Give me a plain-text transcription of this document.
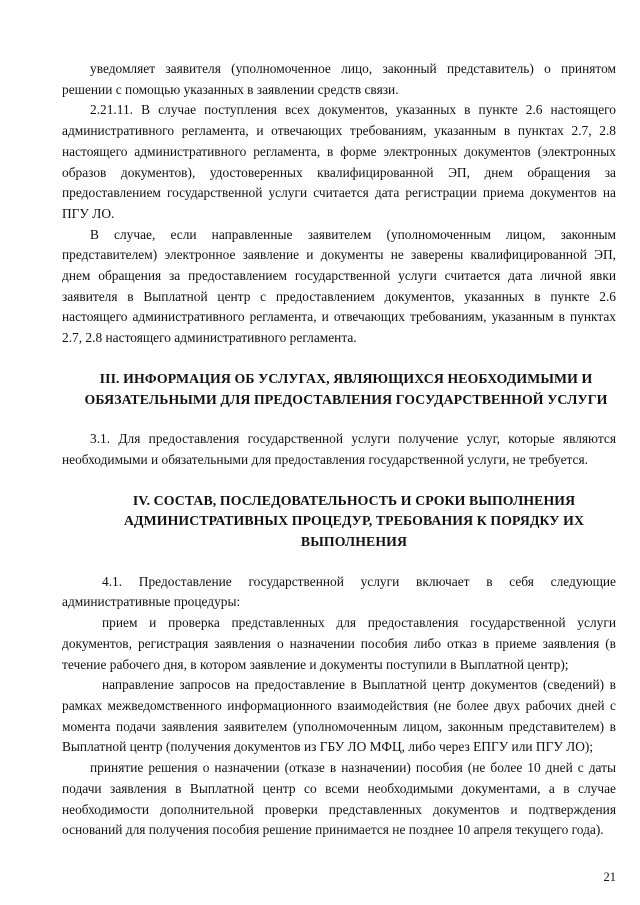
уведомляет заявителя (уполномоченное лицо, законный представитель) о принятом решении с помощью указанных в заявлении средств связи.

2.21.11. В случае поступления всех документов, указанных в пункте 2.6 настоящего административного регламента, и отвечающих требованиям, указанным в пунктах 2.7, 2.8 настоящего административного регламента, в форме электронных документов (электронных образов документов), удостоверенных квалифицированной ЭП, днем обращения за предоставлением государственной услуги считается дата регистрации приема документов на ПГУ ЛО.

В случае, если направленные заявителем (уполномоченным лицом, законным представителем) электронное заявление и документы не заверены квалифицированной ЭП, днем обращения за предоставлением государственной услуги считается дата личной явки заявителя в Выплатной центр с предоставлением документов, указанных в пункте 2.6 настоящего административного регламента, и отвечающих требованиям, указанным в пунктах 2.7, 2.8 настоящего административного регламента.

III. ИНФОРМАЦИЯ ОБ УСЛУГАХ, ЯВЛЯЮЩИХСЯ НЕОБХОДИМЫМИ И ОБЯЗАТЕЛЬНЫМИ ДЛЯ ПРЕДОСТАВЛЕНИЯ ГОСУДАРСТВЕННОЙ УСЛУГИ

3.1. Для предоставления государственной услуги получение услуг, которые являются необходимыми и обязательными для предоставления государственной услуги, не требуется.

IV. СОСТАВ, ПОСЛЕДОВАТЕЛЬНОСТЬ И СРОКИ ВЫПОЛНЕНИЯ АДМИНИСТРАТИВНЫХ ПРОЦЕДУР, ТРЕБОВАНИЯ К ПОРЯДКУ ИХ ВЫПОЛНЕНИЯ

4.1. Предоставление государственной услуги включает в себя следующие административные процедуры:

прием и проверка представленных для предоставления государственной услуги документов, регистрация заявления о назначении пособия либо отказ в приеме заявления (в течение рабочего дня, в котором заявление и документы поступили в Выплатной центр);

направление запросов на предоставление в Выплатной центр документов (сведений) в рамках межведомственного информационного взаимодействия (не более двух рабочих дней с момента подачи заявления заявителем (уполномоченным лицом, законным представителем) в Выплатной центр (получения документов из ГБУ ЛО МФЦ, либо через ЕПГУ или ПГУ ЛО);

принятие решения о назначении (отказе в назначении) пособия (не более 10 дней с даты подачи заявления в Выплатной центр со всеми необходимыми документами, а в случае необходимости дополнительной проверки представленных документов и подтверждения оснований для получения пособия решение принимается не позднее 10 апреля текущего года).

21
